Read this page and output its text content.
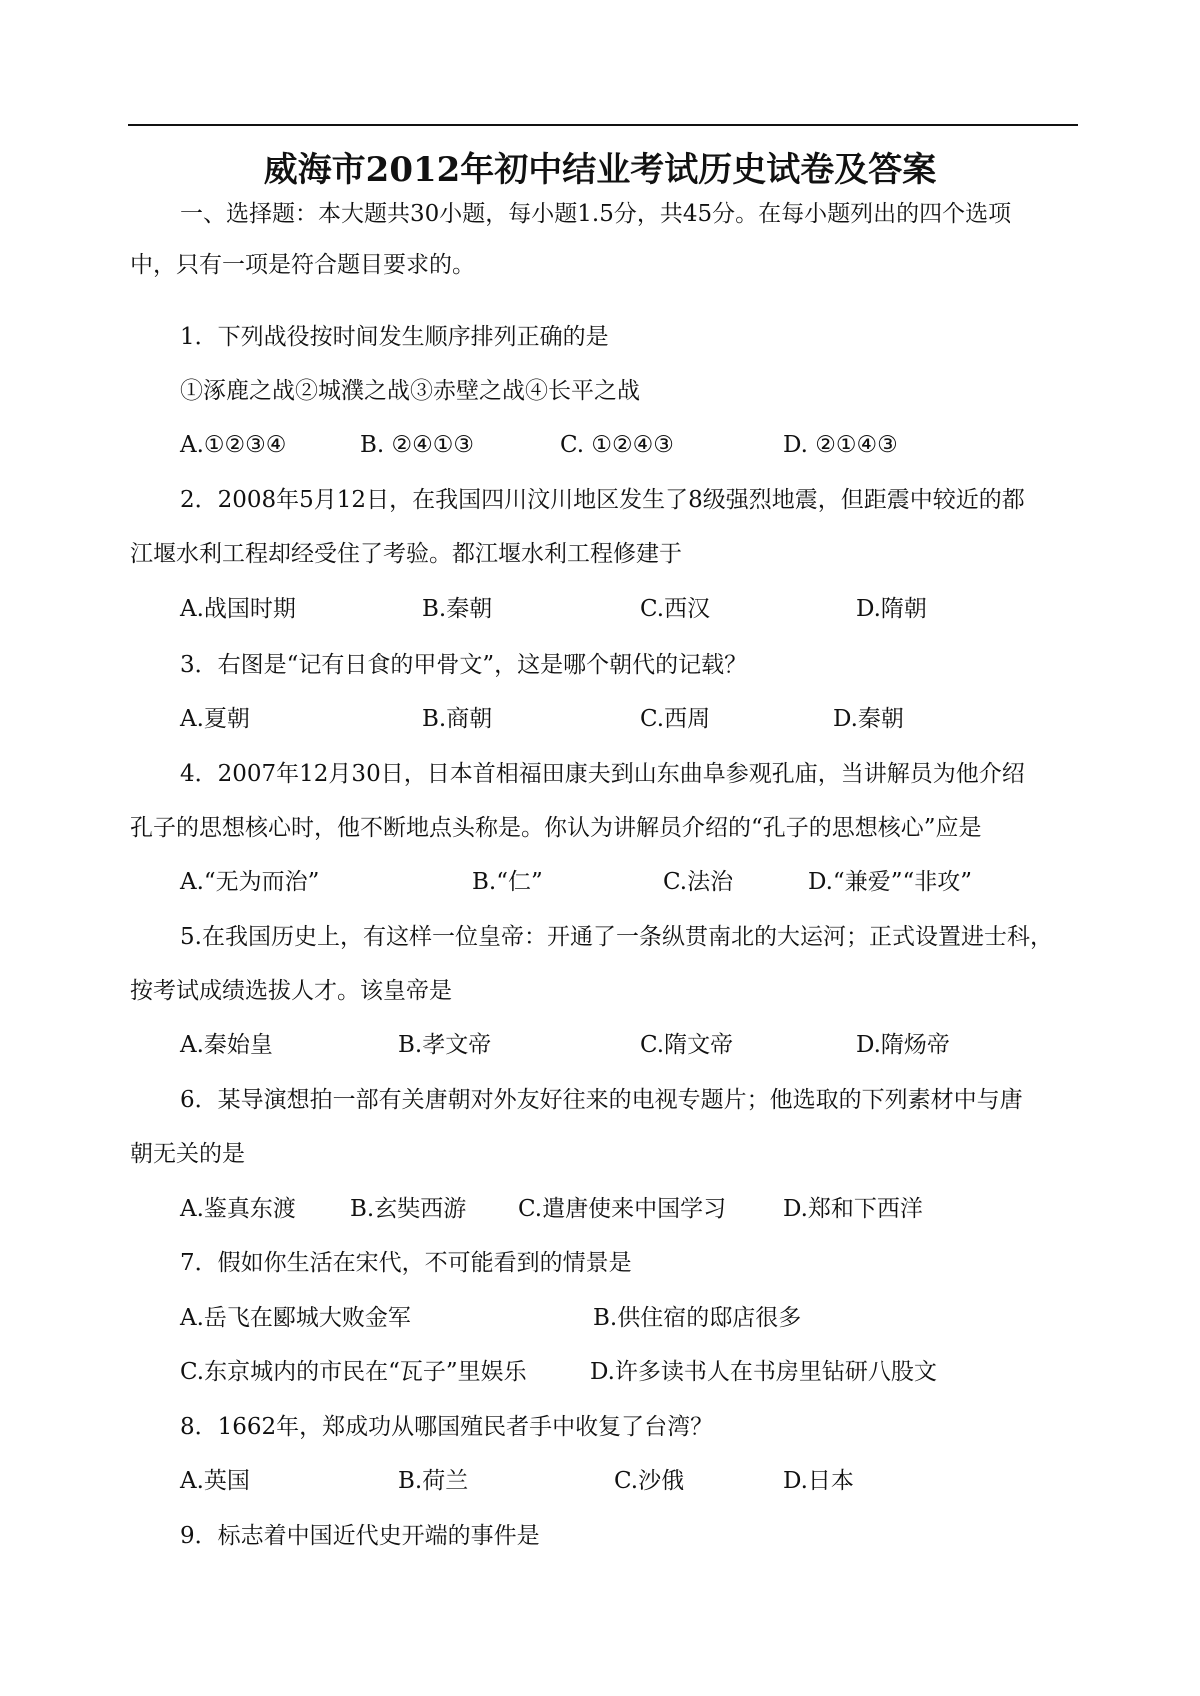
威海市2012年初中结业考试历史试卷及答案
一、选择题：本大题共30小题，每小题1.5分，共45分。在每小题列出的四个选项
中，只有一项是符合题目要求的。
1．下列战役按时间发生顺序排列正确的是
①涿鹿之战②城濮之战③赤壁之战④长平之战
A.①②③④	B. ②④①③	C. ①②④③	D. ②①④③
2．2008年5月12日，在我国四川汶川地区发生了8级强烈地震，但距震中较近的都
江堰水利工程却经受住了考验。都江堰水利工程修建于
A.战国时期	B.秦朝	C.西汉	D.隋朝
3．右图是“记有日食的甲骨文”，这是哪个朝代的记载？
A.夏朝	B.商朝	C.西周	D.秦朝
4．2007年12月30日，日本首相福田康夫到山东曲阜参观孔庙，当讲解员为他介绍
孔子的思想核心时，他不断地点头称是。你认为讲解员介绍的“孔子的思想核心”应是
A.“无为而治”	B.“仁”	C.法治	D.“兼爱”“非攻”
5.在我国历史上，有这样一位皇帝：开通了一条纵贯南北的大运河；正式设置进士科，
按考试成绩选拔人才。该皇帝是
A.秦始皇	B.孝文帝	C.隋文帝	D.隋炀帝
6．某导演想拍一部有关唐朝对外友好往来的电视专题片；他选取的下列素材中与唐
朝无关的是
A.鉴真东渡 B.玄奘西游 C.遣唐使来中国学习 D.郑和下西洋
7．假如你生活在宋代，不可能看到的情景是
A.岳飞在郾城大败金军	B.供住宿的邸店很多
C.东京城内的市民在“瓦子”里娱乐	D.许多读书人在书房里钻研八股文
8．1662年，郑成功从哪国殖民者手中收复了台湾？
A.英国	B.荷兰	C.沙俄	D.日本
9．标志着中国近代史开端的事件是
